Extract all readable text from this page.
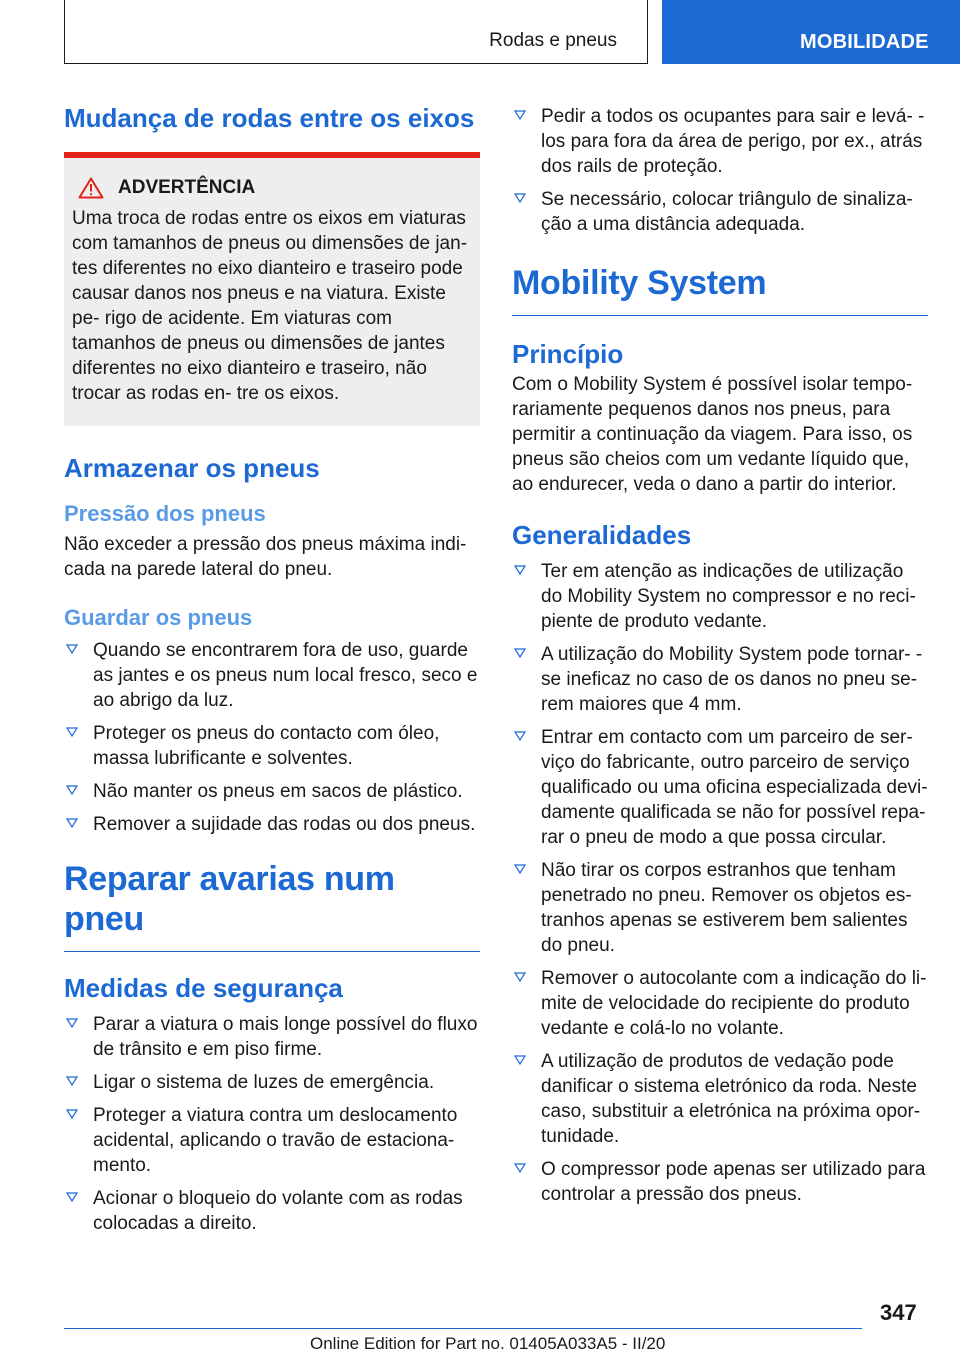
Rodas e pneus	MOBILIDADE
Mudança de rodas entre os eixos
ADVERTÊNCIA

Uma troca de rodas entre os eixos em viaturas com tamanhos de pneus ou dimensões de jan- tes diferentes no eixo dianteiro e traseiro pode causar danos nos pneus e na viatura. Existe pe- rigo de acidente. Em viaturas com tamanhos de pneus ou dimensões de jantes diferentes no eixo dianteiro e traseiro, não trocar as rodas en- tre os eixos.

Armazenar os pneus
Pressão dos pneus

Não exceder a pressão dos pneus máxima indi- cada na parede lateral do pneu.

Guardar os pneus
Quando se encontrarem fora de uso, guarde as jantes e os pneus num local fresco, seco e ao abrigo da luz.
Proteger os pneus do contacto com óleo, massa lubrificante e solventes.
Não manter os pneus em sacos de plástico.
Remover a sujidade das rodas ou dos pneus.
Reparar avarias num pneu
Medidas de segurança
Parar a viatura o mais longe possível do fluxo de trânsito e em piso firme.
Ligar o sistema de luzes de emergência.
Proteger a viatura contra um deslocamento acidental, aplicando o travão de estaciona- mento.
Acionar o bloqueio do volante com as rodas colocadas a direito.
Pedir a todos os ocupantes para sair e levá- -los para fora da área de perigo, por ex., atrás dos rails de proteção.
Se necessário, colocar triângulo de sinaliza- ção a uma distância adequada.
Mobility System
Princípio

Com o Mobility System é possível isolar tempo- rariamente pequenos danos nos pneus, para permitir a continuação da viagem. Para isso, os pneus são cheios com um vedante líquido que, ao endurecer, veda o dano a partir do interior.

Generalidades
Ter em atenção as indicações de utilização do Mobility System no compressor e no reci- piente de produto vedante.
A utilização do Mobility System pode tornar- -se ineficaz no caso de os danos no pneu se- rem maiores que 4 mm.
Entrar em contacto com um parceiro de ser- viço do fabricante, outro parceiro de serviço qualificado ou uma oficina especializada devi- damente qualificada se não for possível repa- rar o pneu de modo a que possa circular.
Não tirar os corpos estranhos que tenham penetrado no pneu. Remover os objetos es- tranhos apenas se estiverem bem salientes do pneu.
Remover o autocolante com a indicação do li- mite de velocidade do recipiente do produto vedante e colá-lo no volante.
A utilização de produtos de vedação pode danificar o sistema eletrónico da roda. Neste caso, substituir a eletrónica na próxima opor- tunidade.
O compressor pode apenas ser utilizado para controlar a pressão dos pneus.
347
Online Edition for Part no. 01405A033A5 - II/20
